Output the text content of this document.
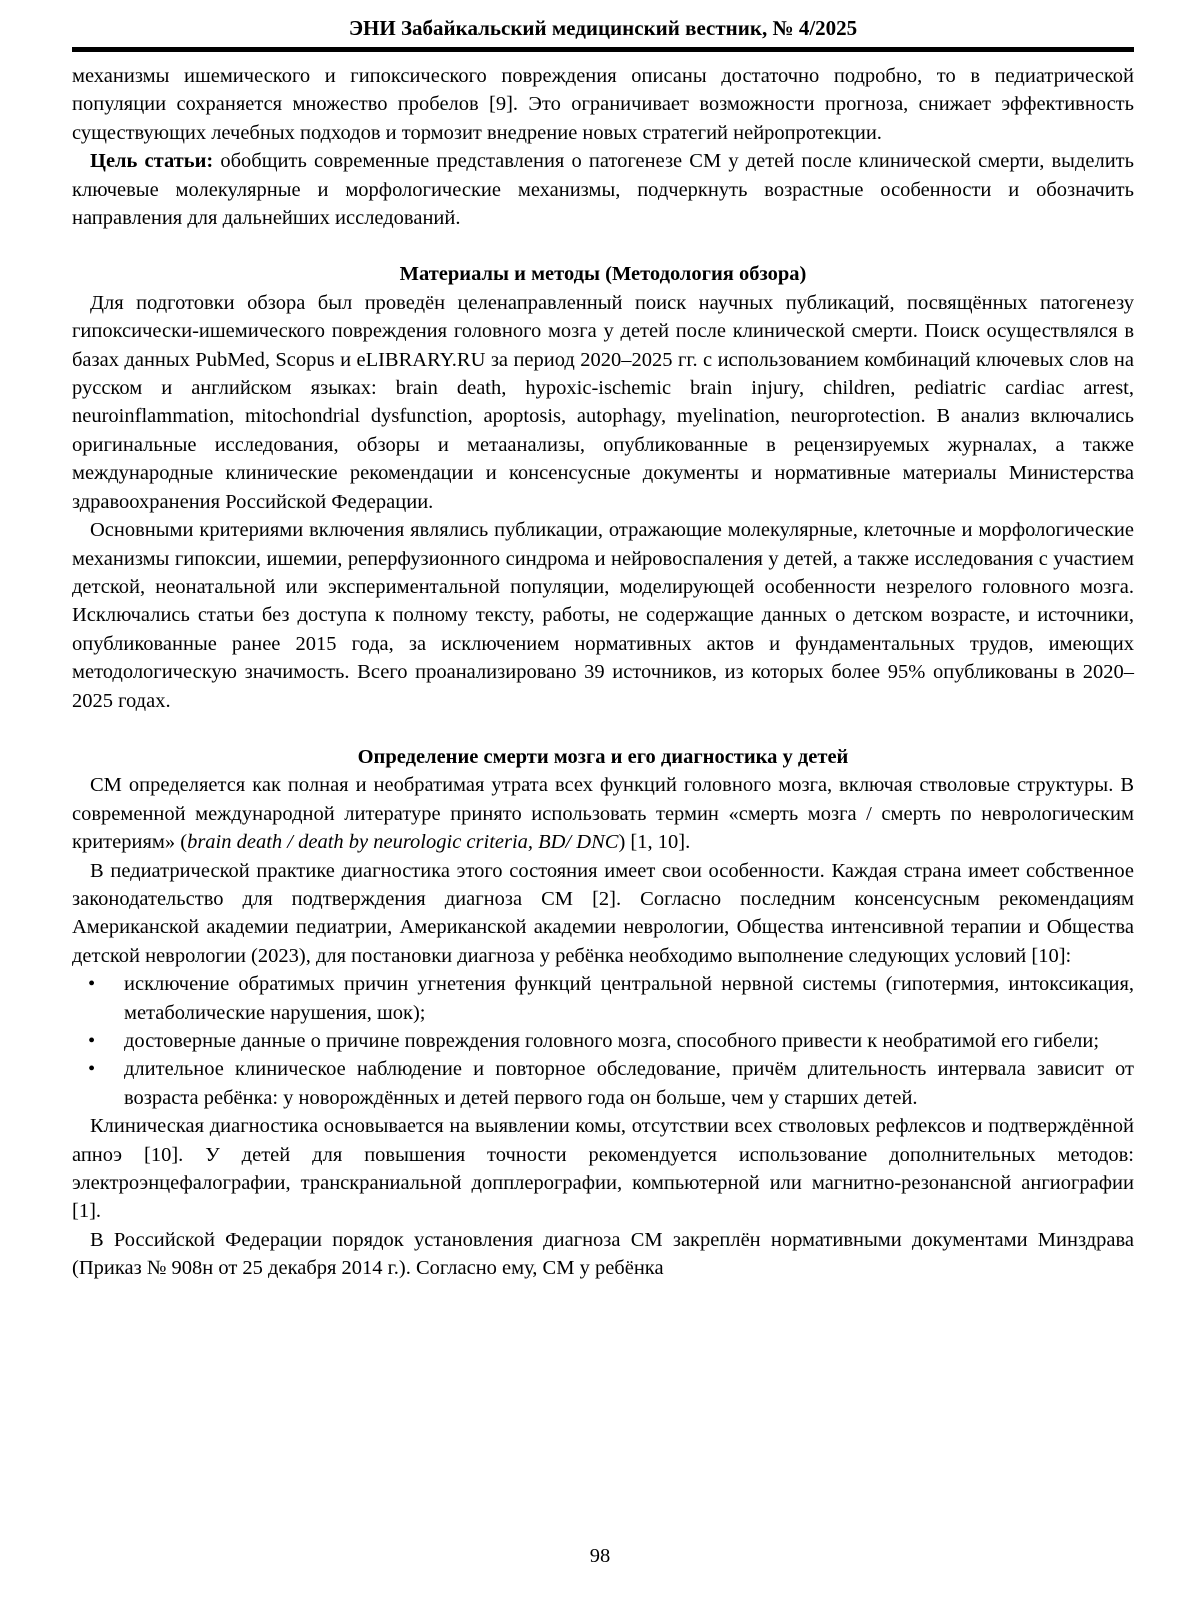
ЭНИ Забайкальский медицинский вестник, № 4/2025

механизмы ишемического и гипоксического повреждения описаны достаточно подробно, то в педиатрической популяции сохраняется множество пробелов [9]. Это ограничивает возможности прогноза, снижает эффективность существующих лечебных подходов и тормозит внедрение новых стратегий нейропротекции.

Цель статьи: обобщить современные представления о патогенезе СМ у детей после клинической смерти, выделить ключевые молекулярные и морфологические механизмы, подчеркнуть возрастные особенности и обозначить направления для дальнейших исследований.

Материалы и методы (Методология обзора)

Для подготовки обзора был проведён целенаправленный поиск научных публикаций, посвящённых патогенезу гипоксически-ишемического повреждения головного мозга у детей после клинической смерти. Поиск осуществлялся в базах данных PubMed, Scopus и eLIBRARY.RU за период 2020–2025 гг. с использованием комбинаций ключевых слов на русском и английском языках: brain death, hypoxic-ischemic brain injury, children, pediatric cardiac arrest, neuroinflammation, mitochondrial dysfunction, apoptosis, autophagy, myelination, neuroprotection. В анализ включались оригинальные исследования, обзоры и метаанализы, опубликованные в рецензируемых журналах, а также международные клинические рекомендации и консенсусные документы и нормативные материалы Министерства здравоохранения Российской Федерации.

Основными критериями включения являлись публикации, отражающие молекулярные, клеточные и морфологические механизмы гипоксии, ишемии, реперфузионного синдрома и нейровоспаления у детей, а также исследования с участием детской, неонатальной или экспериментальной популяции, моделирующей особенности незрелого головного мозга. Исключались статьи без доступа к полному тексту, работы, не содержащие данных о детском возрасте, и источники, опубликованные ранее 2015 года, за исключением нормативных актов и фундаментальных трудов, имеющих методологическую значимость. Всего проанализировано 39 источников, из которых более 95% опубликованы в 2020–2025 годах.

Определение смерти мозга и его диагностика у детей

СМ определяется как полная и необратимая утрата всех функций головного мозга, включая стволовые структуры. В современной международной литературе принято использовать термин «смерть мозга / смерть по неврологическим критериям» (brain death / death by neurologic criteria, BD/ DNC) [1, 10].

В педиатрической практике диагностика этого состояния имеет свои особенности. Каждая страна имеет собственное законодательство для подтверждения диагноза СМ [2]. Согласно последним консенсусным рекомендациям Американской академии педиатрии, Американской академии неврологии, Общества интенсивной терапии и Общества детской неврологии (2023), для постановки диагноза у ребёнка необходимо выполнение следующих условий [10]:

• исключение обратимых причин угнетения функций центральной нервной системы (гипотермия, интоксикация, метаболические нарушения, шок);
• достоверные данные о причине повреждения головного мозга, способного привести к необратимой его гибели;
• длительное клиническое наблюдение и повторное обследование, причём длительность интервала зависит от возраста ребёнка: у новорождённых и детей первого года он больше, чем у старших детей.

Клиническая диагностика основывается на выявлении комы, отсутствии всех стволовых рефлексов и подтверждённой апноэ [10]. У детей для повышения точности рекомендуется использование дополнительных методов: электроэнцефалографии, транскраниальной допплерографии, компьютерной или магнитно-резонансной ангиографии [1].

В Российской Федерации порядок установления диагноза СМ закреплён нормативными документами Минздрава (Приказ № 908н от 25 декабря 2014 г.). Согласно ему, СМ у ребёнка

98
